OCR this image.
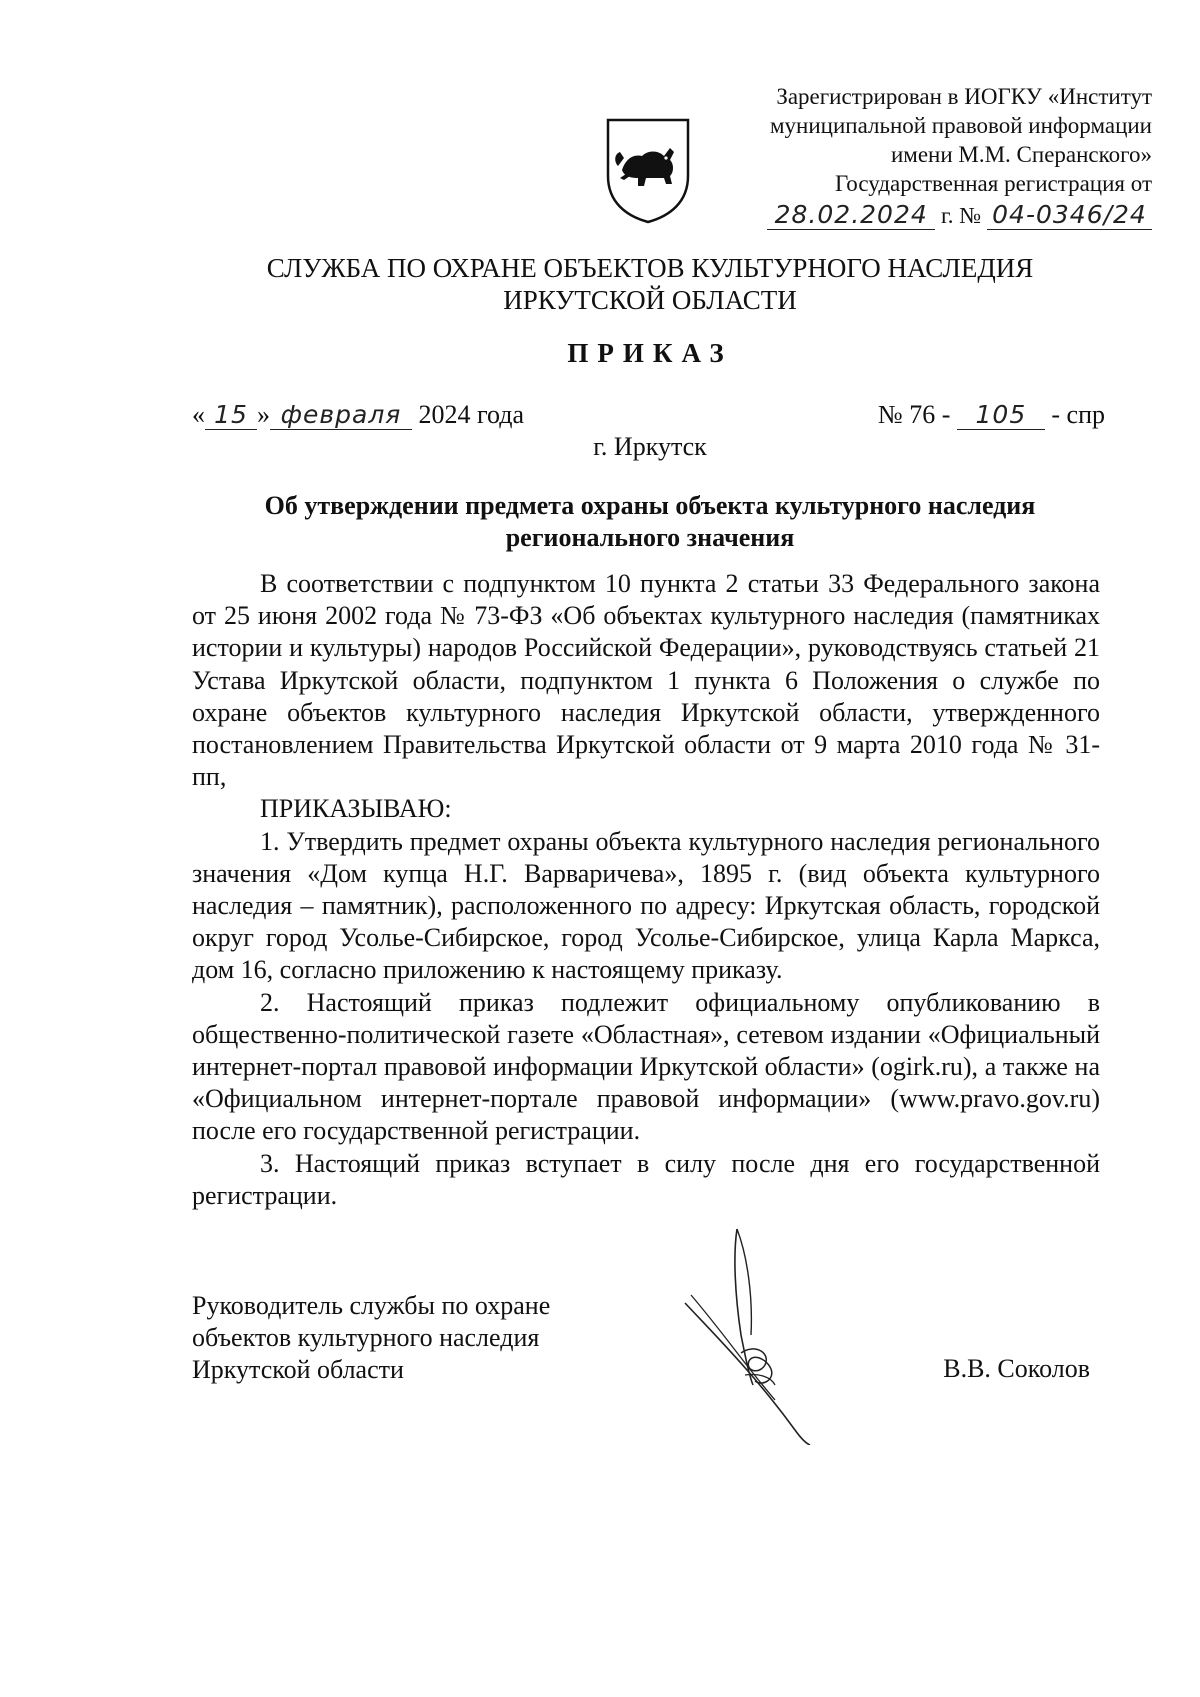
Зарегистрирован в ИОГКУ «Институт
муниципальной правовой информации
имени М.М. Сперанского»
Государственная регистрация от
28.02.2024 г. № 04-0346/24
СЛУЖБА ПО ОХРАНЕ ОБЪЕКТОВ КУЛЬТУРНОГО НАСЛЕДИЯ
ИРКУТСКОЙ ОБЛАСТИ
ПРИКАЗ
« 15 » февраля 2024 года	№ 76 - 105 - спр
г. Иркутск
Об утверждении предмета охраны объекта культурного наследия
регионального значения

В соответствии с подпунктом 10 пункта 2 статьи 33 Федерального закона от 25 июня 2002 года № 73-ФЗ «Об объектах культурного наследия (памятниках истории и культуры) народов Российской Федерации», руководствуясь статьей 21 Устава Иркутской области, подпунктом 1 пункта 6 Положения о службе по охране объектов культурного наследия Иркутской области, утвержденного постановлением Правительства Иркутской области от 9 марта 2010 года № 31-пп,

ПРИКАЗЫВАЮ:

1. Утвердить предмет охраны объекта культурного наследия регионального значения «Дом купца Н.Г. Варваричева», 1895 г. (вид объекта культурного наследия – памятник), расположенного по адресу: Иркутская область, городской округ город Усолье-Сибирское, город Усолье-Сибирское, улица Карла Маркса, дом 16, согласно приложению к настоящему приказу.

2. Настоящий приказ подлежит официальному опубликованию в общественно-политической газете «Областная», сетевом издании «Официальный интернет-портал правовой информации Иркутской области» (ogirk.ru), а также на «Официальном интернет-портале правовой информации» (www.pravo.gov.ru) после его государственной регистрации.

3. Настоящий приказ вступает в силу после дня его государственной регистрации.

Руководитель службы по охране
объектов культурного наследия
Иркутской области	В.В. Соколов
